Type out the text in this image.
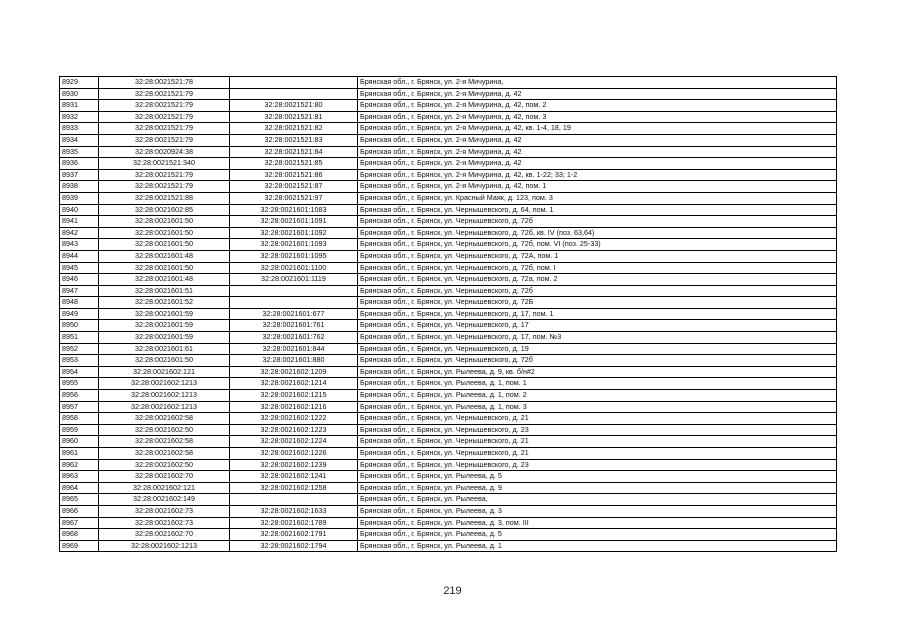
8929	32:28:0021521:78		Брянская обл., г. Брянск, ул. 2-я Мичурина,
8930	32:28:0021521:79		Брянская обл., г. Брянск, ул. 2-я Мичурина, д. 42
8931	32:28:0021521:79	32:28:0021521:80	Брянская обл., г. Брянск, ул. 2-я Мичурина, д. 42, пом. 2
8932	32:28:0021521:79	32:28:0021521:81	Брянская обл., г. Брянск, ул. 2-я Мичурина, д. 42, пом. 3
8933	32:28:0021521:79	32:28:0021521:82	Брянская обл., г. Брянск, ул. 2-я Мичурина, д. 42, кв. 1-4, 18, 19
8934	32:28:0021521:79	32:28:0021521:83	Брянская обл., г. Брянск, ул. 2-я Мичурина, д. 42
8935	32:28:0020924:38	32:28:0021521:84	Брянская обл., г. Брянск, ул. 2-я Мичурина, д. 42
8936	32:28:0021521:340	32:28:0021521:85	Брянская обл., г. Брянск, ул. 2-я Мичурина, д. 42
8937	32:28:0021521:79	32:28:0021521:86	Брянская обл., г. Брянск, ул. 2-я Мичурина, д. 42, кв. 1-22; 33; 1-2
8938	32:28:0021521:79	32:28:0021521:87	Брянская обл., г. Брянск, ул. 2-я Мичурина, д. 42, пом. 1
8939	32:28:0021521:88	32:28:0021521:97	Брянская обл., г. Брянск, ул. Красный Маяк, д. 123, пом. 3
8940	32:28:0021602:85	32:28:0021601:1083	Брянская обл., г. Брянск, ул. Чернышевского, д. 64, пом. 1
8941	32:28:0021601:50	32:28:0021601:1091	Брянская обл., г. Брянск, ул. Чернышевского, д. 72б
8942	32:28:0021601:50	32:28:0021601:1092	Брянская обл., г. Брянск, ул. Чернышевского, д. 72б, кв. IV (поз. 63,64)
8943	32:28:0021601:50	32:28:0021601:1093	Брянская обл., г. Брянск, ул. Чернышевского, д. 72б, пом. VI (поз. 25-33)
8944	32:28:0021601:48	32:28:0021601:1095	Брянская обл., г. Брянск, ул. Чернышевского, д. 72А, пом. 1
8945	32:28:0021601:50	32:28:0021601:1100	Брянская обл., г. Брянск, ул. Чернышевского, д. 72б, пом. I
8946	32:28:0021601:48	32:28:0021601:1119	Брянская обл., г. Брянск, ул. Чернышевского, д. 72а, пом. 2
8947	32:28:0021601:51		Брянская обл., г. Брянск, ул. Чернышевского, д. 72б
8948	32:28:0021601:52		Брянская обл., г. Брянск, ул. Чернышевского, д. 72Б
8949	32:28:0021601:59	32:28:0021601:677	Брянская обл., г. Брянск, ул. Чернышевского, д. 17, пом. 1
8950	32:28:0021601:59	32:28:0021601:761	Брянская обл., г. Брянск, ул. Чернышевского, д. 17
8951	32:28:0021601:59	32:28:0021601:762	Брянская обл., г. Брянск, ул. Чернышевского, д. 17, пом. №3
8952	32:28:0021601:61	32:28:0021601:844	Брянская обл., г. Брянск, ул. Чернышевского, д. 19
8953	32:28:0021601:50	32:28:0021601:880	Брянская обл., г. Брянск, ул. Чернышевского, д. 72б
8954	32:28:0021602:121	32:28:0021602:1209	Брянская обл., г. Брянск, ул. Рылеева, д. 9, кв. б/н#2
8955	32:28:0021602:1213	32:28:0021602:1214	Брянская обл., г. Брянск, ул. Рылеева, д. 1, пом. 1
8956	32:28:0021602:1213	32:28:0021602:1215	Брянская обл., г. Брянск, ул. Рылеева, д. 1, пом. 2
8957	32:28:0021602:1213	32:28:0021602:1216	Брянская обл., г. Брянск, ул. Рылеева, д. 1, пом. 3
8958	32:28:0021602:58	32:28:0021602:1222	Брянская обл., г. Брянск, ул. Чернышевского, д. 21
8959	32:28:0021602:50	32:28:0021602:1223	Брянская обл., г. Брянск, ул. Чернышевского, д. 23
8960	32:28:0021602:58	32:28:0021602:1224	Брянская обл., г. Брянск, ул. Чернышевского, д. 21
8961	32:28:0021602:58	32:28:0021602:1226	Брянская обл., г. Брянск, ул. Чернышевского, д. 21
8962	32:28:0021602:50	32:28:0021602:1239	Брянская обл., г. Брянск, ул. Чернышевского, д. 23
8963	32:28:0021602:70	32:28:0021602:1241	Брянская обл., г. Брянск, ул. Рылеева, д. 5
8964	32:28:0021602:121	32:28:0021602:1258	Брянская обл., г. Брянск, ул. Рылеева, д. 9
8965	32:28:0021602:149		Брянская обл., г. Брянск, ул. Рылеева,
8966	32:28:0021602:73	32:28:0021602:1633	Брянская обл., г. Брянск, ул. Рылеева, д. 3
8967	32:28:0021602:73	32:28:0021602:1789	Брянская обл., г. Брянск, ул. Рылеева, д. 3, пом. III
8968	32:28:0021602:70	32:28:0021602:1791	Брянская обл., г. Брянск, ул. Рылеева, д. 5
8969	32:28:0021602:1213	32:28:0021602:1794	Брянская обл., г. Брянск, ул. Рылеева, д. 1
219
